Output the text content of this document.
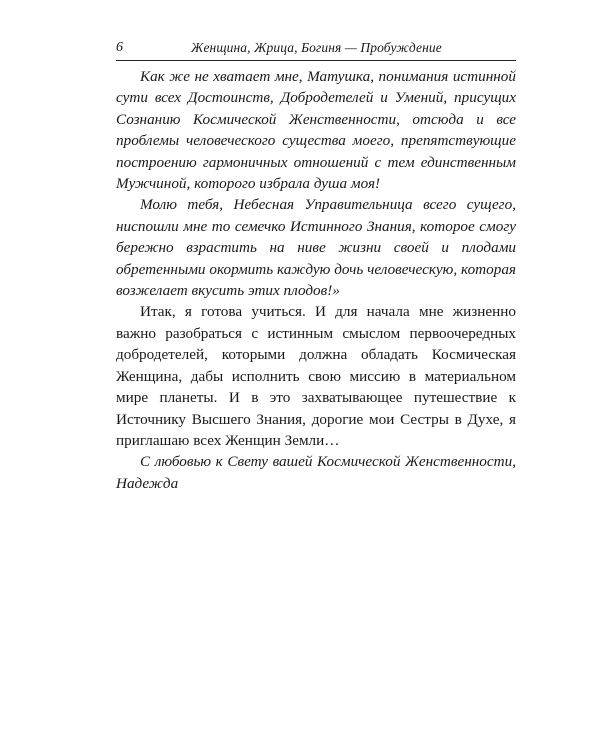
6	Женщина, Жрица, Богиня — Пробуждение

Как же не хватает мне, Матушка, понимания истинной сути всех Достоинств, Добродетелей и Умений, присущих Сознанию Космической Женственности, отсюда и все проблемы человеческого существа моего, препятствующие построению гармоничных отношений с тем единственным Мужчиной, которого избрала душа моя!

Молю тебя, Небесная Управительница всего сущего, ниспошли мне то семечко Истинного Знания, которое смогу бережно взрастить на ниве жизни своей и плодами обретенными окормить каждую дочь человеческую, которая возжелает вкусить этих плодов!»

Итак, я готова учиться. И для начала мне жизненно важно разобраться с истинным смыслом первоочередных добродетелей, которыми должна обладать Космическая Женщина, дабы исполнить свою миссию в материальном мире планеты. И в это захватывающее путешествие к Источнику Высшего Знания, дорогие мои Сестры в Духе, я приглашаю всех Женщин Земли…

С любовью к Свету вашей Космической Женственности, Надежда
